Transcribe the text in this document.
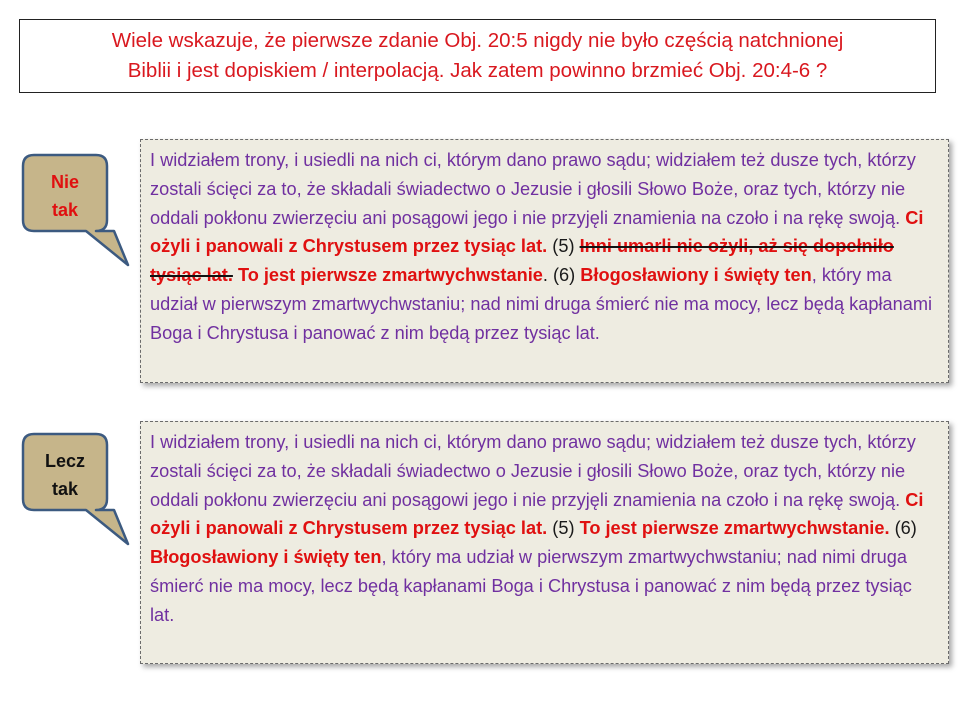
Wiele wskazuje, że pierwsze zdanie Obj. 20:5 nigdy nie było częścią natchnionej
Biblii i jest dopiskiem / interpolacją. Jak zatem powinno brzmieć Obj. 20:4-6 ?
Nie
tak
Lecz
tak

I widziałem trony, i usiedli na nich ci, którym dano prawo sądu; widziałem też dusze tych, którzy zostali ścięci za to, że składali świadectwo o Jezusie i głosili Słowo Boże, oraz tych, którzy nie oddali pokłonu zwierzęciu ani posągowi jego i nie przyjęli znamienia na czoło i na rękę swoją. Ci ożyli i panowali z Chrystusem przez tysiąc lat. (5) Inni umarli nie ożyli, aż się dopełniło tysiąc lat. To jest pierwsze zmartwychwstanie. (6) Błogosławiony i święty ten, który ma udział w pierwszym zmartwychwstaniu; nad nimi druga śmierć nie ma mocy, lecz będą kapłanami Boga i Chrystusa i panować z nim będą przez tysiąc lat.

I widziałem trony, i usiedli na nich ci, którym dano prawo sądu; widziałem też dusze tych, którzy zostali ścięci za to, że składali świadectwo o Jezusie i głosili Słowo Boże, oraz tych, którzy nie oddali pokłonu zwierzęciu ani posągowi jego i nie przyjęli znamienia na czoło i na rękę swoją. Ci ożyli i panowali z Chrystusem przez tysiąc lat. (5) To jest pierwsze zmartwychwstanie. (6) Błogosławiony i święty ten, który ma udział w pierwszym zmartwychwstaniu; nad nimi druga śmierć nie ma mocy, lecz będą kapłanami Boga i Chrystusa i panować z nim będą przez tysiąc lat.
